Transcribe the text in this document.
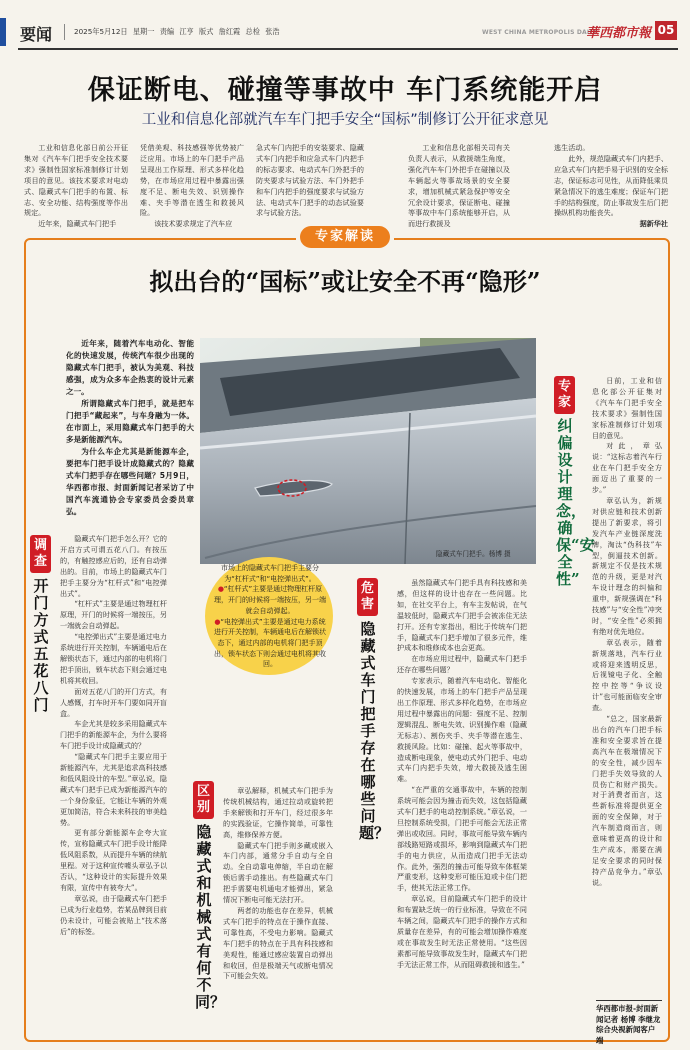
要闻	2025年5月12日 星期一 责编 江亨 版式 詹红霞 总检 张浩	WEST CHINA METROPOLIS DAILY
華西都市報 05
保证断电、碰撞等事故中 车门系统能开启
工业和信息化部就汽车车门把手安全“国标”制修订公开征求意见

工业和信息化部日前公开征集对《汽车车门把手安全技术要求》强制性国家标准制修订计划项目的意见。该技术要求对电动式、隐藏式车门把手的布置、标志、安全功能、结构强度等作出规定。

近年来，隐藏式车门把手

凭借美观、科技感强等优势被广泛应用。市场上的车门把手产品呈现出工作原理、形式多样化趋势，在市场应用过程中暴露出强度不足、断电失效、识别操作难、夹手等潜在透生和救援风险。

该技术要求规定了汽车应

急式车门内把手的安装要求、隐藏式车门内把手和应急式车门内把手的标志要求、电动式车门外把手的防夹要求与试验方法、车门外把手和车门内把手的强度要求与试验方法、电动式车门把手的动态试验要求与试验方法。

工业和信息化部相关司有关负责人表示，从救援端生角度，强化汽车车门外把手在碰撞以及车辆起火等事故场景的安全要求，增加机械式紧急保护等安全冗余设计要求，保证断电、碰撞等事故中车门系统能够开启，从而进行救援及

逃生活动。

此外，规范隐藏式车门内把手、应急式车门内把手易于识别的安全标志，保证标志可见性，从而降低乘员紧急情况下的逃生难度；保证车门把手的结构强度，防止事故发生后门把操纵机构功能丧失。

据新华社
专家解读
拟出台的“国标”或让安全不再“隐形”

近年来，随着汽车电动化、智能化的快速发展，传统汽车很少出现的隐藏式车门把手，被认为美观、科技感强，成为众多车企热衷的设计元素之一。

所谓隐藏式车门把手，就是把车门把手“藏起来”，与车身融为一体。在市面上，采用隐藏式车门把手的大多是新能源汽车。

为什么车企尤其是新能源车企，要把车门把手设计成隐藏式的？隐藏式车门把手存在哪些问题？5月9日，华西都市报、封面新闻记者采访了中国汽车流通协会专家委员会委员章弘。

隐藏式车门把手。杨博 摄
市场上的隐藏式车门把手主要分为“杠杆式”和“电控弹出式”。
●“杠杆式”主要是通过物理杠杆原理，开门的时候将一端按压，另一端就会自动弹起。
●“电控弹出式”主要是通过电力系统进行开关控制，车辆通电后在解锁状态下，通过内部的电机将门把手顶出，锁车状态下则会通过电机将其收回。
调查
开门方式五花八门

隐藏式车门把手怎么开？它的开启方式可谓五花八门。有按压的，有触控感应后的，还有自动弹出的。目前，市场上的隐藏式车门把手主要分为“杠杆式”和“电控弹出式”。

“杠杆式”主要是通过物理杠杆原理，开门的时候将一端按压，另一端就会自动弹起。

“电控弹出式”主要是通过电力系统进行开关控制，车辆通电后在解锁状态下，通过内部的电机将门把手顶出，锁车状态下则会通过电机将其收回。

面对五花八门的开门方式，有人感慨，打车时开车门要如同开盲盒。

车企尤其是较多采用隐藏式车门把手的新能源车企，为什么要将车门把手设计成隐藏式的？

“隐藏式车门把手主要应用于新能源汽车，尤其是追求高科技感和低风阻设计的车型。”章弘说，隐藏式车门把手已成为新能源汽车的一个身份象征，它能让车辆的外观更加简洁，符合未来科技的审美趋势。

更有部分新能源车企夸大宣传，宣称隐藏式车门把手设计能降低风阻系数，从而提升车辆的续航里程。对于这种宣传噱头章弘予以否认，“这种设计的实际提升效果有限，宣传中有被夸大”。

章弘说，由于隐藏式车门把手已成为行业趋势，若某品牌到目前仍未设计，可能会被贴上“技术落后”的标签。

区别
隐藏式和机械式有何不同？

章弘解释，机械式车门把手为传统机械结构，通过拉动或旋转把手来解锁和打开车门，经过很多年的实践验证，它操作简单，可靠性高，维修保养方便。

隐藏式车门把手则多藏或嵌入车门内部，通常分手自动与全自动。全自动靠电伸缩，半自动在解锁后需手动推出。有些隐藏式车门把手需要电机通电才能弹出，紧急情况下断电可能无法打开。

两者的功能也存在差异，机械式车门把手的特点在于操作直接、可靠性高，不受电力影响。隐藏式车门把手的特点在于具有科技感和美观性，能通过感应装置自动弹出和收回，但是极端天气或断电情况下可能会失效。

危害
隐藏式车门把手存在哪些问题？

虽然隐藏式车门把手具有科技感和美感，但这样的设计也存在一些问题。比如，在社交平台上，有车主发帖说，在气温较低时，隐藏式车门把手会被冻住无法打开。还有专家指出，相比于传统车门把手，隐藏式车门把手增加了很多元件，维护成本和维修成本也会更高。

在市场应用过程中，隐藏式车门把手还存在哪些问题？

专家表示，随着汽车电动化、智能化的快速发展，市场上的车门把手产品呈现出工作原理、形式多样化趋势，在市场应用过程中暴露出的问题：强度不足、控制逻辑混乱、断电失效、识别操作难（隐藏无标志）、割伤夹手、夹手等潜在逃生、救援风险。比如：碰撞、起火等事故中，造成断电现象，使电动式外门把手、电动式车门内把手失效，增大救援及逃生困难。

“在严重的交通事故中，车辆的控制系统可能会因为撞击而失效，这包括隐藏式车门把手的电动控制系统。”章弘说，一旦控制系统受损，门把手可能会无法正常弹出或收回。同时，事故可能导致车辆内部线路短路或损坏，影响到隐藏式车门把手的电力供应，从而造成门把手无法动作。此外，强烈的撞击可能导致车体框架严重变形，这种变形可能压迫或卡住门把手，使其无法正常工作。

章弘说，目前隐藏式车门把手的设计和布置缺乏统一的行业标准，导致在不同车辆之间，隐藏式车门把手的操作方式和质量存在差异，有的可能会增加操作难度或在事故发生时无法正常使用。“这些因素都可能导致事故发生时，隐藏式车门把手无法正常工作，从而阻碍救援和逃生。”

专家
纠偏设计理念，确保“安全性”

日前，工业和信息化部公开征集对《汽车车门把手安全技术要求》强制性国家标准制修订计划项目的意见。

对此，章弘说：“这标志着汽车行业在车门把手安全方面迈出了重要的一步。”

章弘认为，新规对供应链和技术创新提出了新要求，将引发汽车产业链深度洗牌，淘汰“伪科技”车型，倒逼技术创新。新规定不仅是技术规范的升级，更是对汽车设计理念的纠偏和重申，新规强调在“科技感”与“安全性”冲突时，“安全性”必须拥有绝对优先地位。

章弘表示，随着新规落地，汽车行业或将迎来透明反思，后视镜电子化、全触控中控等“争议设计”也可能面临安全审查。

“总之，国家最新出台的汽车门把手标准和安全要求旨在提高汽车在极端情况下的安全性，减少因车门把手失效导致的人员伤亡和财产损失。对于消费者而言，这些新标准将提供更全面的安全保障，对于汽车制造商而言，则意味着更高的设计和生产成本，需要在满足安全要求的同时保持产品竞争力。”章弘说。

华西都市报-封面新闻记者 杨博 李继龙 综合央视新闻客户端
